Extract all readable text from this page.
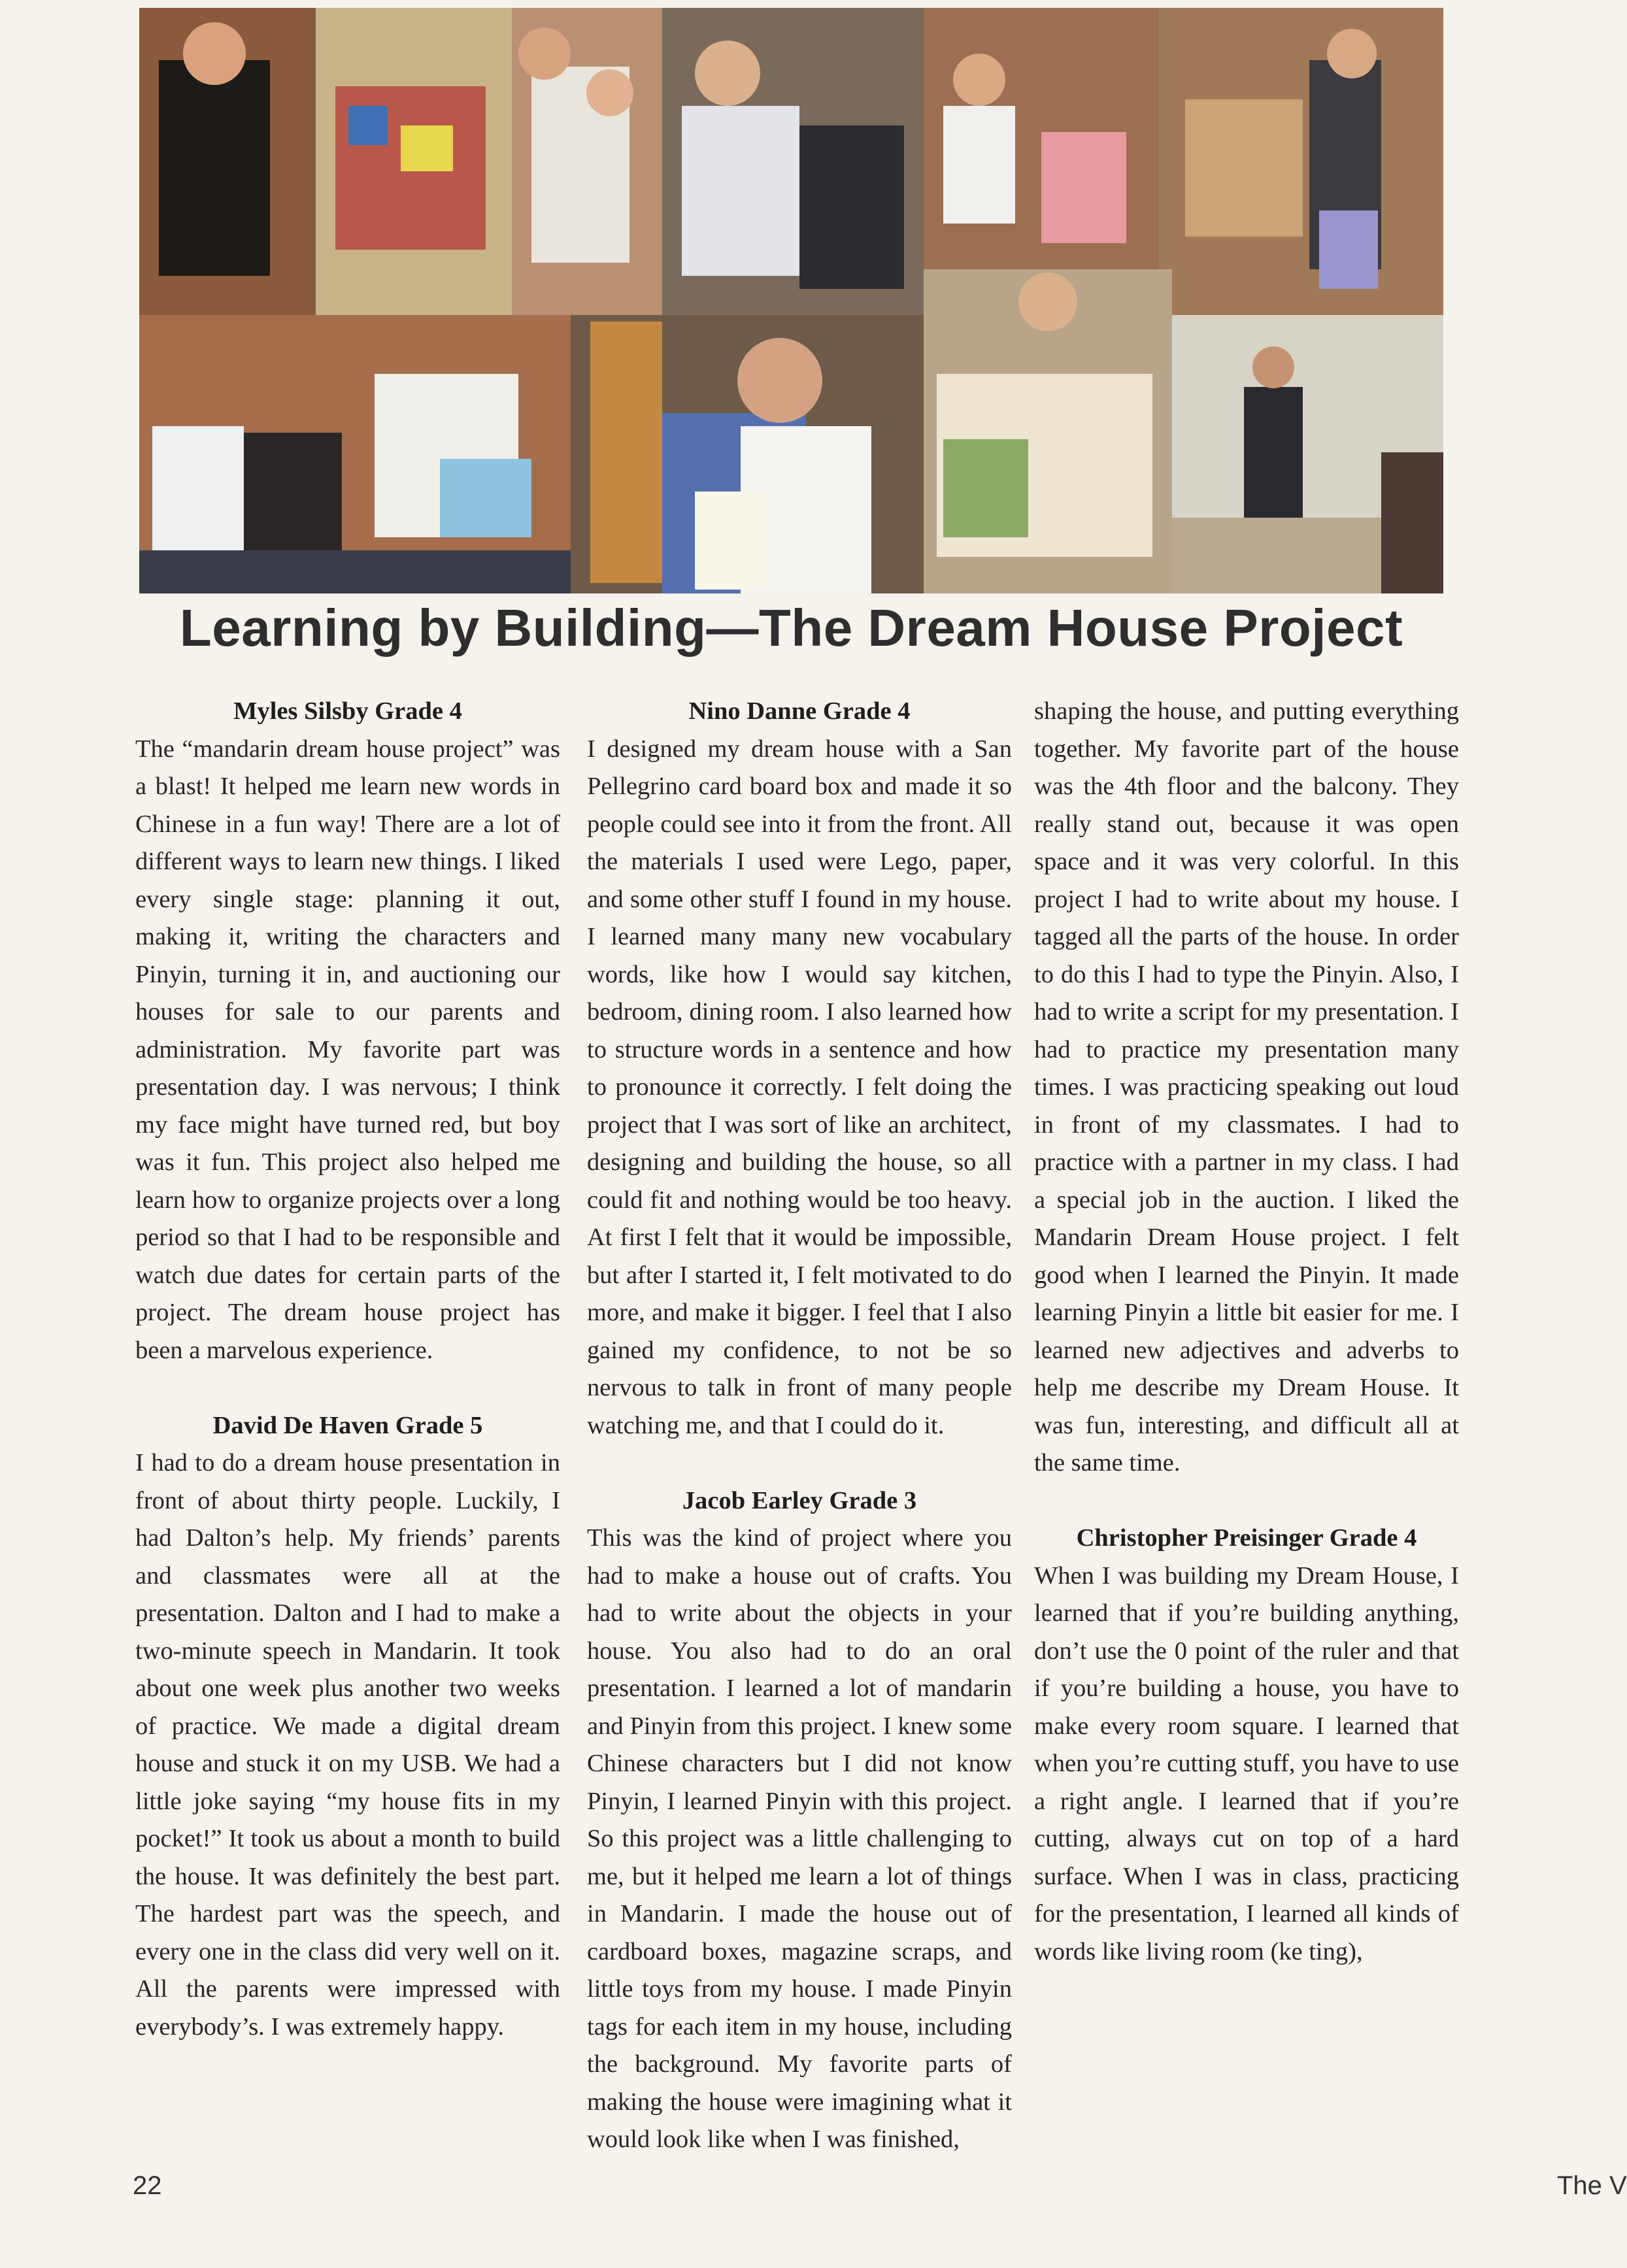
Learning by Building—The Dream House Project

Myles Silsby Grade 4

The “mandarin dream house project” was a blast! It helped me learn new words in Chinese in a fun way! There are a lot of different ways to learn new things. I liked every single stage: planning it out, making it, writing the characters and Pinyin, turning it in, and auctioning our houses for sale to our parents and administration. My favorite part was presentation day. I was nervous; I think my face might have turned red, but boy was it fun. This project also helped me learn how to organize projects over a long period so that I had to be responsible and watch due dates for certain parts of the project. The dream house project has been a marvelous experience.

David De Haven Grade 5

I had to do a dream house presentation in front of about thirty people. Luckily, I had Dalton’s help. My friends’ parents and classmates were all at the presentation. Dalton and I had to make a two-minute speech in Mandarin. It took about one week plus another two weeks of practice. We made a digital dream house and stuck it on my USB. We had a little joke saying “my house fits in my pocket!” It took us about a month to build the house. It was definitely the best part. The hardest part was the speech, and every one in the class did very well on it. All the parents were impressed with everybody’s. I was extremely happy.

Nino Danne Grade 4

I designed my dream house with a San Pellegrino card board box and made it so people could see into it from the front. All the materials I used were Lego, paper, and some other stuff I found in my house. I learned many many new vocabulary words, like how I would say kitchen, bedroom, dining room. I also learned how to structure words in a sentence and how to pronounce it correctly. I felt doing the project that I was sort of like an architect, designing and building the house, so all could fit and nothing would be too heavy. At first I felt that it would be impossible, but after I started it, I felt motivated to do more, and make it bigger. I feel that I also gained my confidence, to not be so nervous to talk in front of many people watching me, and that I could do it.

Jacob Earley Grade 3

This was the kind of project where you had to make a house out of crafts. You had to write about the objects in your house. You also had to do an oral presentation. I learned a lot of mandarin and Pinyin from this project. I knew some Chinese characters but I did not know Pinyin, I learned Pinyin with this project. So this project was a little challenging to me, but it helped me learn a lot of things in Mandarin. I made the house out of cardboard boxes, magazine scraps, and little toys from my house. I made Pinyin tags for each item in my house, including the background. My favorite parts of making the house were imagining what it would look like when I was finished,

shaping the house, and putting everything together. My favorite part of the house was the 4th floor and the balcony. They really stand out, because it was open space and it was very colorful. In this project I had to write about my house. I tagged all the parts of the house. In order to do this I had to type the Pinyin. Also, I had to write a script for my presentation. I had to practice my presentation many times. I was practicing speaking out loud in front of my classmates. I had to practice with a partner in my class. I had a special job in the auction. I liked the Mandarin Dream House project. I felt good when I learned the Pinyin. It made learning Pinyin a little bit easier for me. I learned new adjectives and adverbs to help me describe my Dream House. It was fun, interesting, and difficult all at the same time.

Christopher Preisinger Grade 4

When I was building my Dream House, I learned that if you’re building anything, don’t use the 0 point of the ruler and that if you’re building a house, you have to make every room square. I learned that when you’re cutting stuff, you have to use a right angle. I learned that if you’re cutting, always cut on top of a hard surface. When I was in class, practicing for the presentation, I learned all kinds of words like living room (ke ting),

22	The V
